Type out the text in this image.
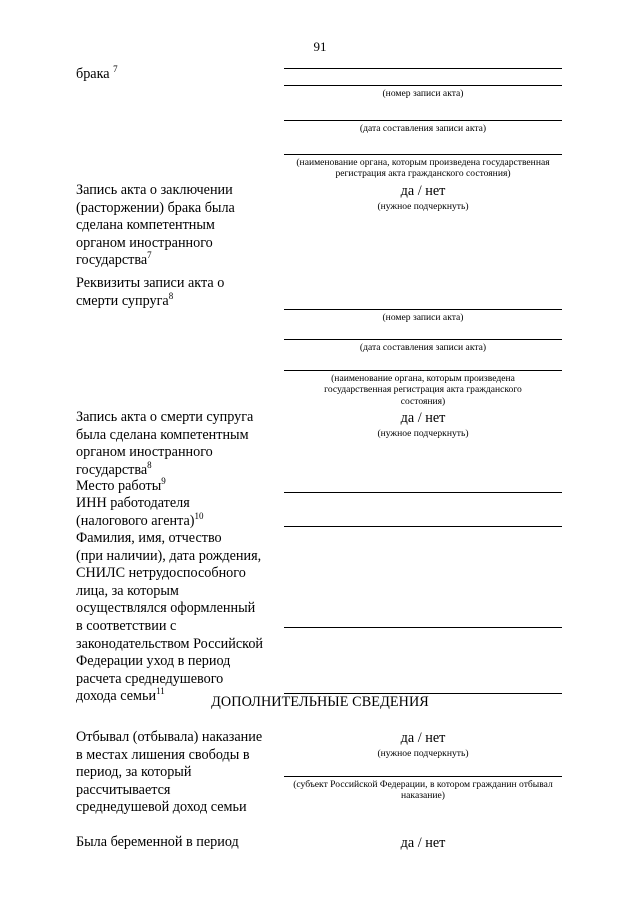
91
брака $^7$
(номер записи акта)
(дата составления записи акта)
(наименование органа, которым произведена государственная регистрация акта гражданского состояния)
Запись акта о заключении
(расторжении) брака была
сделана компетентным
органом иностранного
государства$^7$
да / нет
(нужное подчеркнуть)
Реквизиты записи акта о
смерти супруга$^8$
(номер записи акта)
(дата составления записи акта)
(наименование органа, которым произведена государственная регистрация акта гражданского состояния)
Запись акта о смерти супруга
была сделана компетентным
органом иностранного
государства$^8$
да / нет
(нужное подчеркнуть)
Место работы$^9$
ИНН работодателя
(налогового агента)$^{10}$
Фамилия, имя, отчество
(при наличии), дата рождения,
СНИЛС нетрудоспособного
лица, за которым
осуществлялся оформленный
в соответствии с
законодательством Российской
Федерации уход в период
расчета среднедушевого
дохода семьи$^{11}$
ДОПОЛНИТЕЛЬНЫЕ СВЕДЕНИЯ
Отбывал (отбывала) наказание
в местах лишения свободы в
период, за который
рассчитывается
среднедушевой доход семьи
да / нет
(нужное подчеркнуть)
(субъект Российской Федерации, в котором гражданин отбывал наказание)
Была беременной в период	да / нет
